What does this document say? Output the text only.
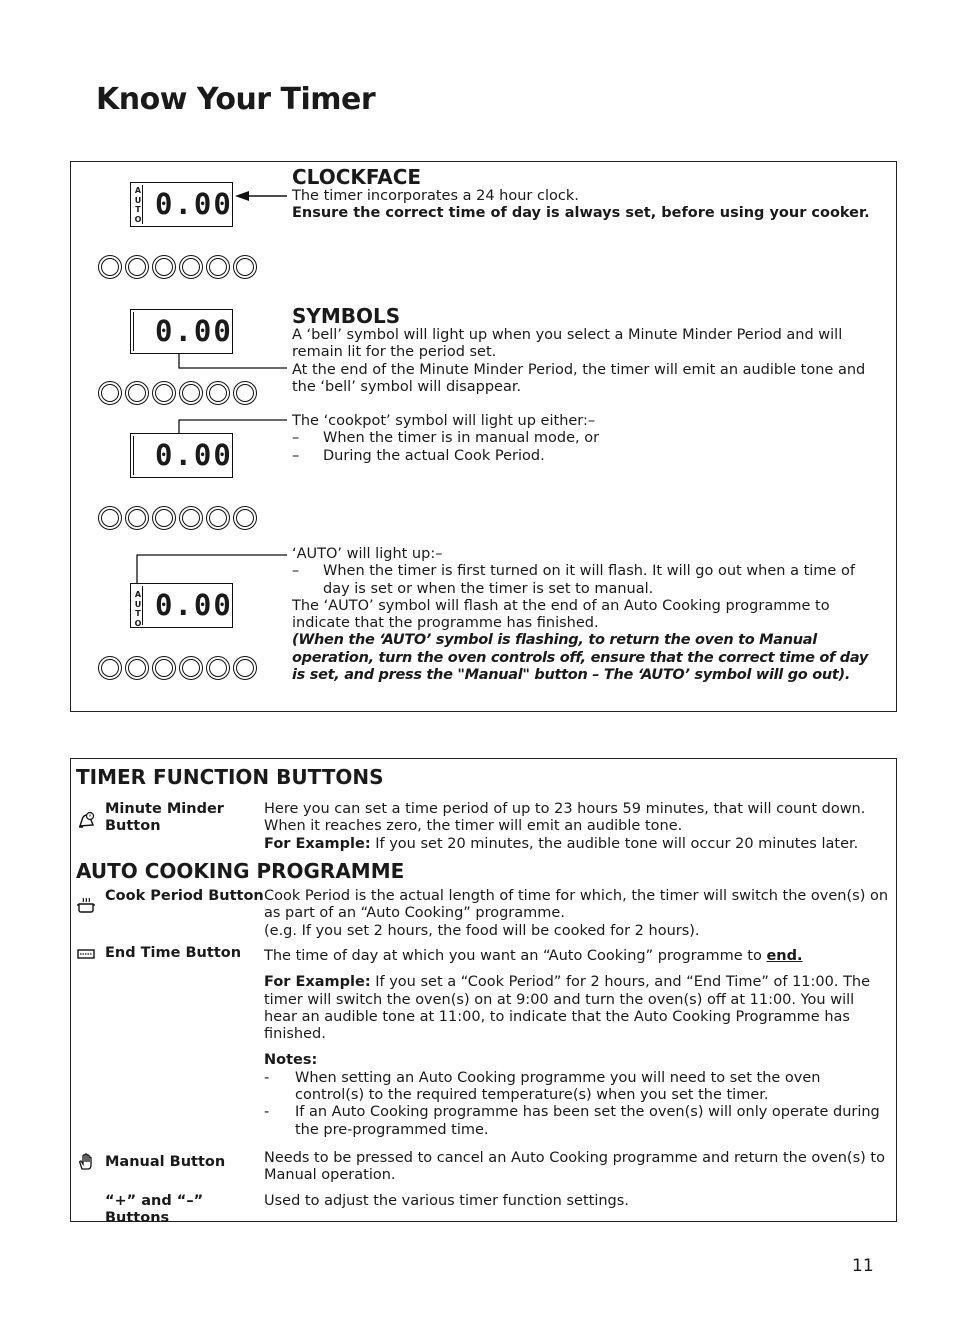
Know Your Timer
A
U
T
O 0.00
0.00
0.00
A
U
T
O
0.00
CLOCKFACE

The timer incorporates a 24 hour clock.

Ensure the correct time of day is always set, before using your cooker.

SYMBOLS

A ‘bell’ symbol will light up when you select a Minute Minder Period and will remain lit for the period set.

At the end of the Minute Minder Period, the timer will emit an audible tone and the ‘bell’ symbol will disappear.

The ‘cookpot’ symbol will light up either:–

– When the timer is in manual mode, or

– During the actual Cook Period.

‘AUTO’ will light up:–

– When the timer is first turned on it will flash. It will go out when a time of day is set or when the timer is set to manual.

The ‘AUTO’ symbol will flash at the end of an Auto Cooking programme to indicate that the programme has finished.

(When the ‘AUTO’ symbol is flashing, to return the oven to Manual operation, turn the oven controls off, ensure that the correct time of day is set, and press the "Manual" button – The ‘AUTO’ symbol will go out).

TIMER FUNCTION BUTTONS
Minute Minder Button
Here you can set a time period of up to 23 hours 59 minutes, that will count down. When it reaches zero, the timer will emit an audible tone.
For Example: If you set 20 minutes, the audible tone will occur 20 minutes later.
AUTO COOKING PROGRAMME
Cook Period Button Cook Period is the actual length of time for which, the timer will switch the oven(s) on as part of an “Auto Cooking” programme.
(e.g. If you set 2 hours, the food will be cooked for 2 hours).
End Time Button	The time of day at which you want an “Auto Cooking” programme to end.
For Example: If you set a “Cook Period” for 2 hours, and “End Time” of 11:00. The timer will switch the oven(s) on at 9:00 and turn the oven(s) off at 11:00. You will hear an audible tone at 11:00, to indicate that the Auto Cooking Programme has finished.
Notes:
- When setting an Auto Cooking programme you will need to set the oven control(s) to the required temperature(s) when you set the timer.
- If an Auto Cooking programme has been set the oven(s) will only operate during the pre-programmed time.
Manual Button	Needs to be pressed to cancel an Auto Cooking programme and return the oven(s) to Manual operation.
“+” and “–” Buttons
Used to adjust the various timer function settings.
11
